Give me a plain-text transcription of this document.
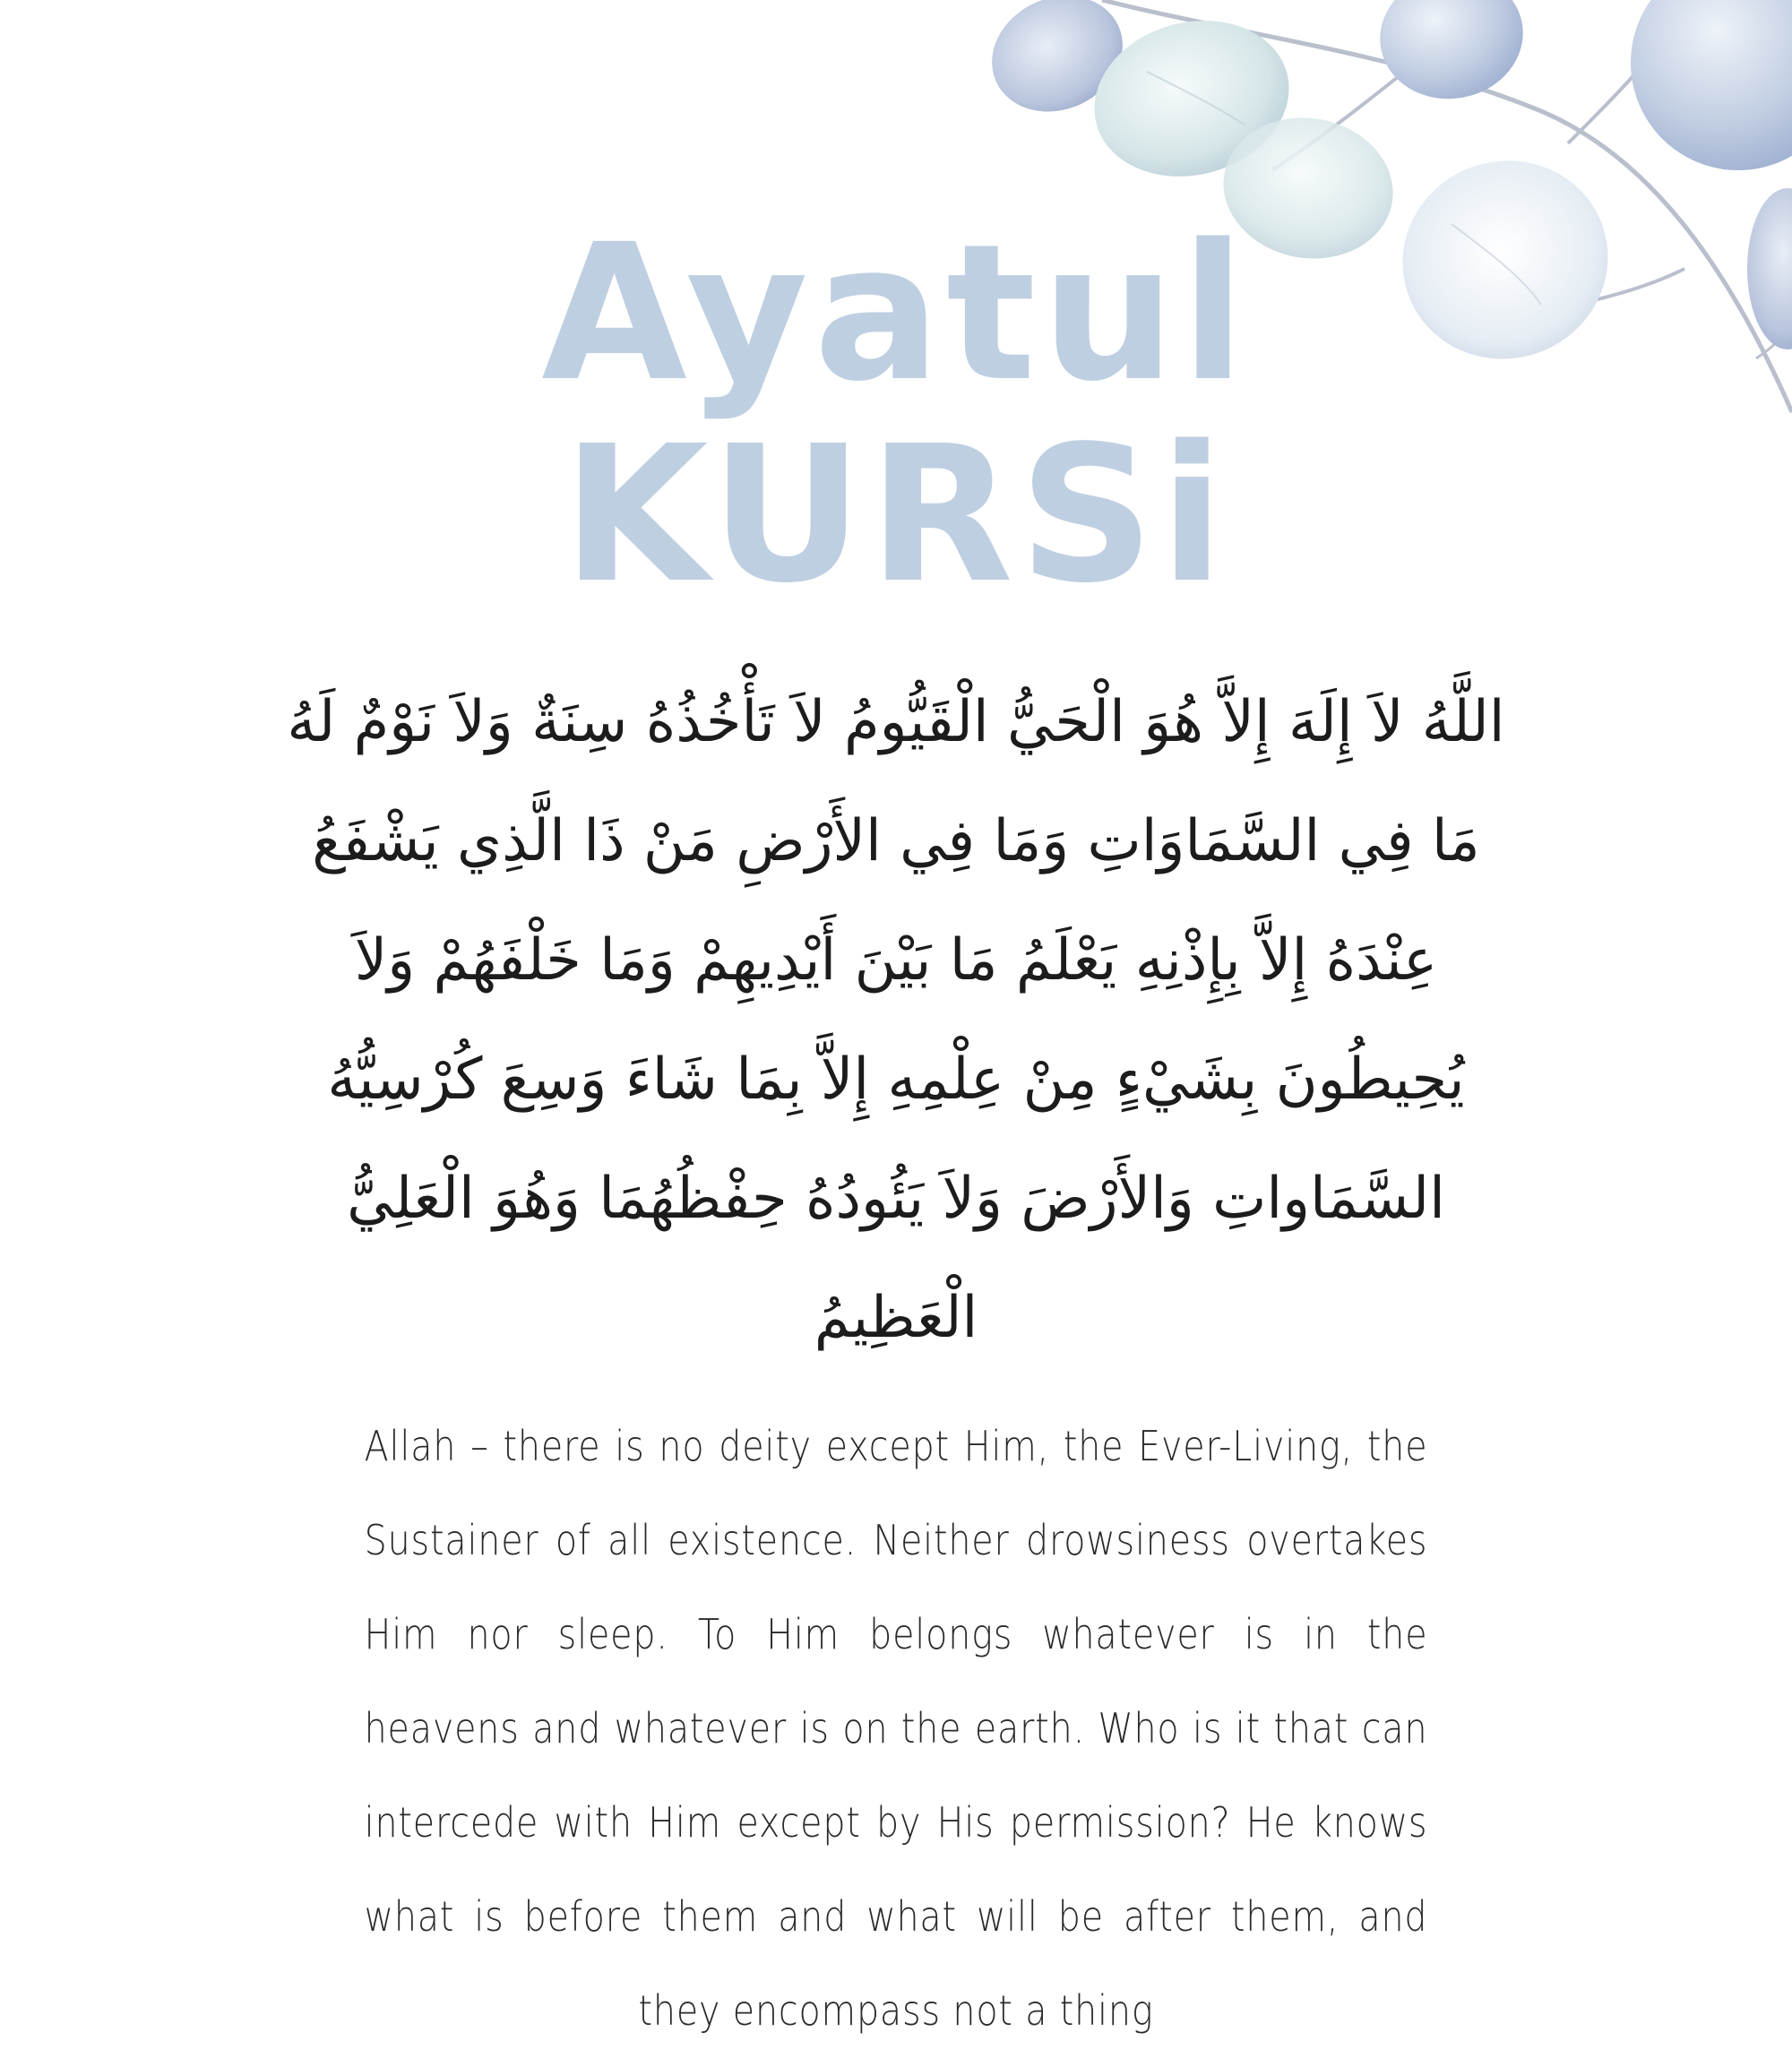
Ayatul
KURSi
اللَّهُ لاَ إِلَهَ إِلاَّ هُوَ الْحَيُّ الْقَيُّومُ لاَ تَأْخُذُهُ سِنَةٌ وَلاَ نَوْمٌ لَهُ مَا فِي السَّمَاوَاتِ وَمَا فِي الأَرْضِ مَنْ ذَا الَّذِي يَشْفَعُ عِنْدَهُ إِلاَّ بِإِذْنِهِ يَعْلَمُ مَا بَيْنَ أَيْدِيهِمْ وَمَا خَلْفَهُمْ وَلاَ يُحِيطُونَ بِشَيْءٍ مِنْ عِلْمِهِ إِلاَّ بِمَا شَاءَ وَسِعَ كُرْسِيُّهُ السَّمَاواتِ وَالأَرْضَ وَلاَ يَئُودُهُ حِفْظُهُمَا وَهُوَ الْعَلِيُّ الْعَظِيمُ
Allah – there is no deity except Him, the Ever-Living, the Sustainer of all existence. Neither drowsiness overtakes Him nor sleep. To Him belongs whatever is in the heavens and whatever is on the earth. Who is it that can intercede with Him except by His permission? He knows what is before them and what will be after them, and they encompass not a thing
